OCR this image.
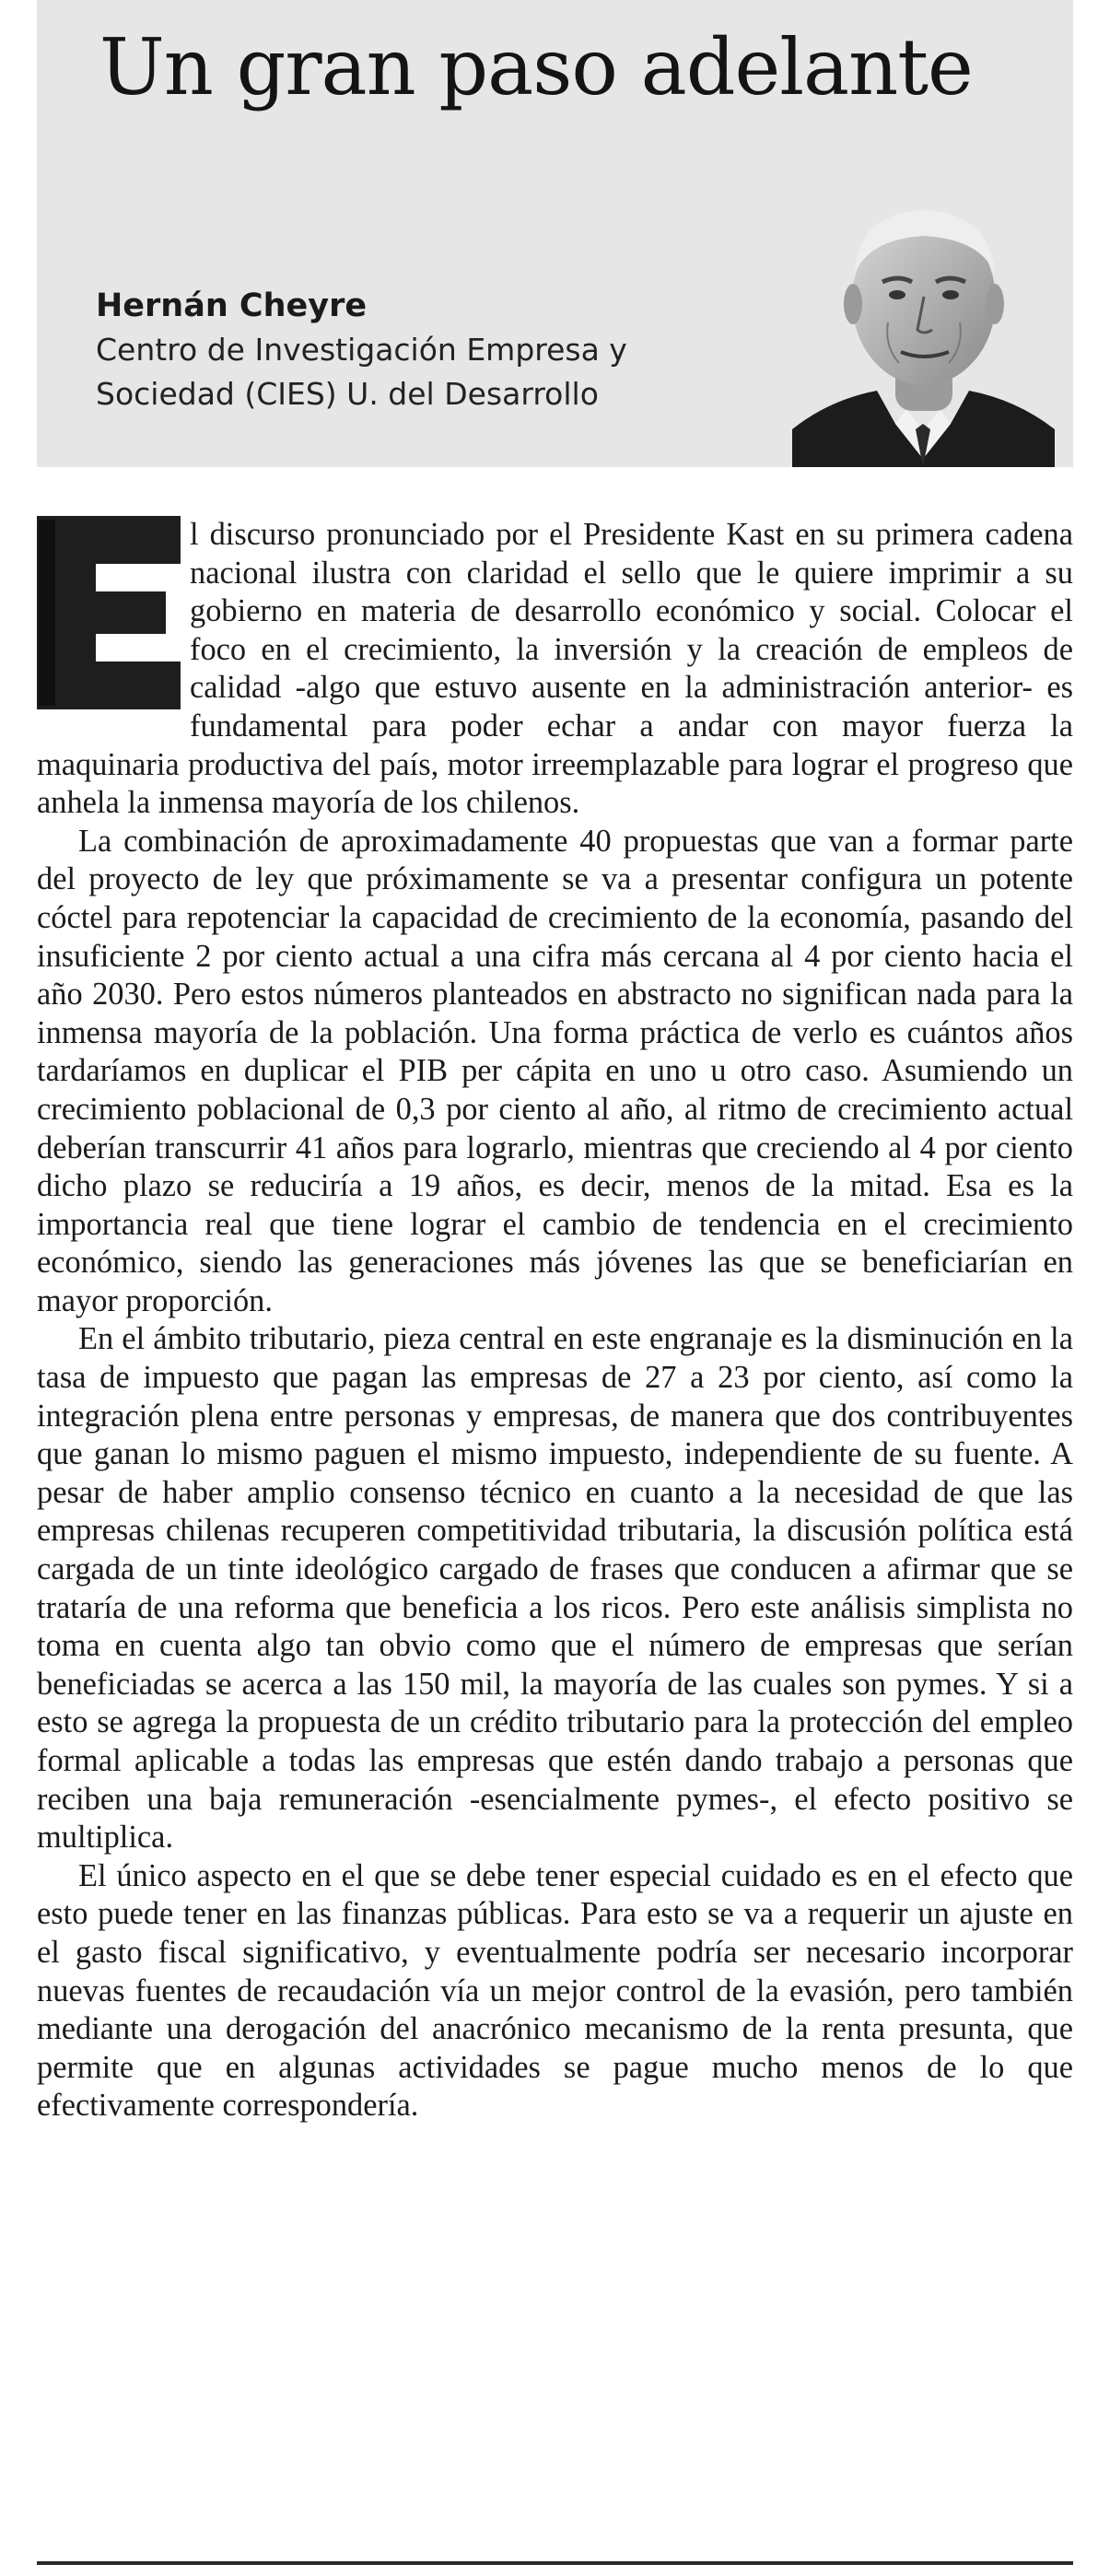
Un gran paso adelante
Hernán Cheyre
Centro de Investigación Empresa y Sociedad (CIES) U. del Desarrollo

l discurso pronunciado por el Presidente Kast en su primera cadena nacional ilustra con claridad el sello que le quiere imprimir a su gobierno en materia de desarrollo económico y social. Colocar el foco en el crecimiento, la inversión y la creación de empleos de calidad -algo que estuvo ausente en la administración anterior- es fundamental para poder echar a andar con mayor fuerza la maquinaria productiva del país, motor irreemplazable para lograr el progreso que anhela la inmensa mayoría de los chilenos.

La combinación de aproximadamente 40 propuestas que van a formar parte del proyecto de ley que próximamente se va a presentar configura un potente cóctel para repotenciar la capacidad de crecimiento de la economía, pasando del insuficiente 2 por ciento actual a una cifra más cercana al 4 por ciento hacia el año 2030. Pero estos números planteados en abstracto no significan nada para la inmensa mayoría de la población. Una forma práctica de verlo es cuántos años tardaríamos en duplicar el PIB per cápita en uno u otro caso. Asumiendo un crecimiento poblacional de 0,3 por ciento al año, al ritmo de crecimiento actual deberían transcurrir 41 años para lograrlo, mientras que creciendo al 4 por ciento dicho plazo se reduciría a 19 años, es decir, menos de la mitad. Esa es la importancia real que tiene lograr el cambio de tendencia en el crecimiento económico, siendo las generaciones más jóvenes las que se beneficiarían en mayor proporción.

En el ámbito tributario, pieza central en este engranaje es la disminución en la tasa de impuesto que pagan las empresas de 27 a 23 por ciento, así como la integración plena entre personas y empresas, de manera que dos contribuyentes que ganan lo mismo paguen el mismo impuesto, independiente de su fuente. A pesar de haber amplio consenso técnico en cuanto a la necesidad de que las empresas chilenas recuperen competitividad tributaria, la discusión política está cargada de un tinte ideológico cargado de frases que conducen a afirmar que se trataría de una reforma que beneficia a los ricos. Pero este análisis simplista no toma en cuenta algo tan obvio como que el número de empresas que serían beneficiadas se acerca a las 150 mil, la mayoría de las cuales son pymes. Y si a esto se agrega la propuesta de un crédito tributario para la protección del empleo formal aplicable a todas las empresas que estén dando trabajo a personas que reciben una baja remuneración -esencialmente pymes-, el efecto positivo se multiplica.

El único aspecto en el que se debe tener especial cuidado es en el efecto que esto puede tener en las finanzas públicas. Para esto se va a requerir un ajuste en el gasto fiscal significativo, y eventualmente podría ser necesario incorporar nuevas fuentes de recaudación vía un mejor control de la evasión, pero también mediante una derogación del anacrónico mecanismo de la renta presunta, que permite que en algunas actividades se pague mucho menos de lo que efectivamente correspondería.
